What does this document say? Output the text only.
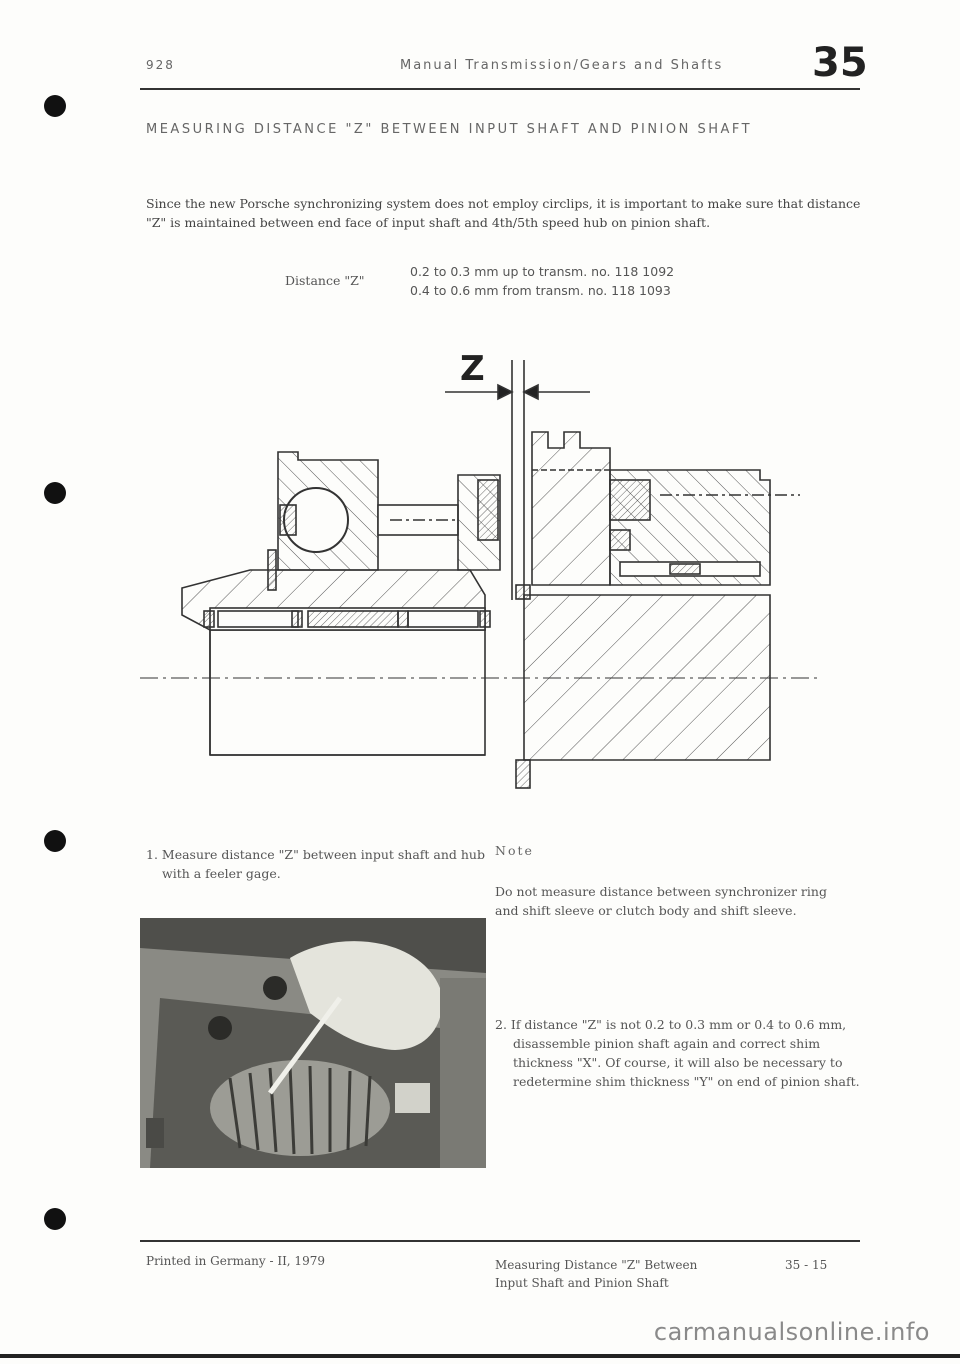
928	Manual Transmission/Gears and Shafts 35
MEASURING DISTANCE "Z" BETWEEN INPUT SHAFT AND PINION SHAFT
Since the new Porsche synchronizing system does not employ circlips, it is important to make sure that distance "Z" is maintained between end face of input shaft and 4th/5th speed hub on pinion shaft.
Distance "Z"
0.2 to 0.3 mm up to transm. no. 118 1092
0.4 to 0.6 mm from transm. no. 118 1093
Z
1. Measure distance "Z" between input shaft and hub with a feeler gage.
Note
Do not measure distance between synchronizer ring and shift sleeve or clutch body and shift sleeve.
2. If distance "Z" is not 0.2 to 0.3 mm or 0.4 to 0.6 mm, disassemble pinion shaft again and correct shim thickness "X". Of course, it will also be necessary to redetermine shim thickness "Y" on end of pinion shaft.
Printed in Germany - II, 1979	Measuring Distance "Z" Between
Input Shaft and Pinion Shaft
35 - 15
carmanualsonline.info
